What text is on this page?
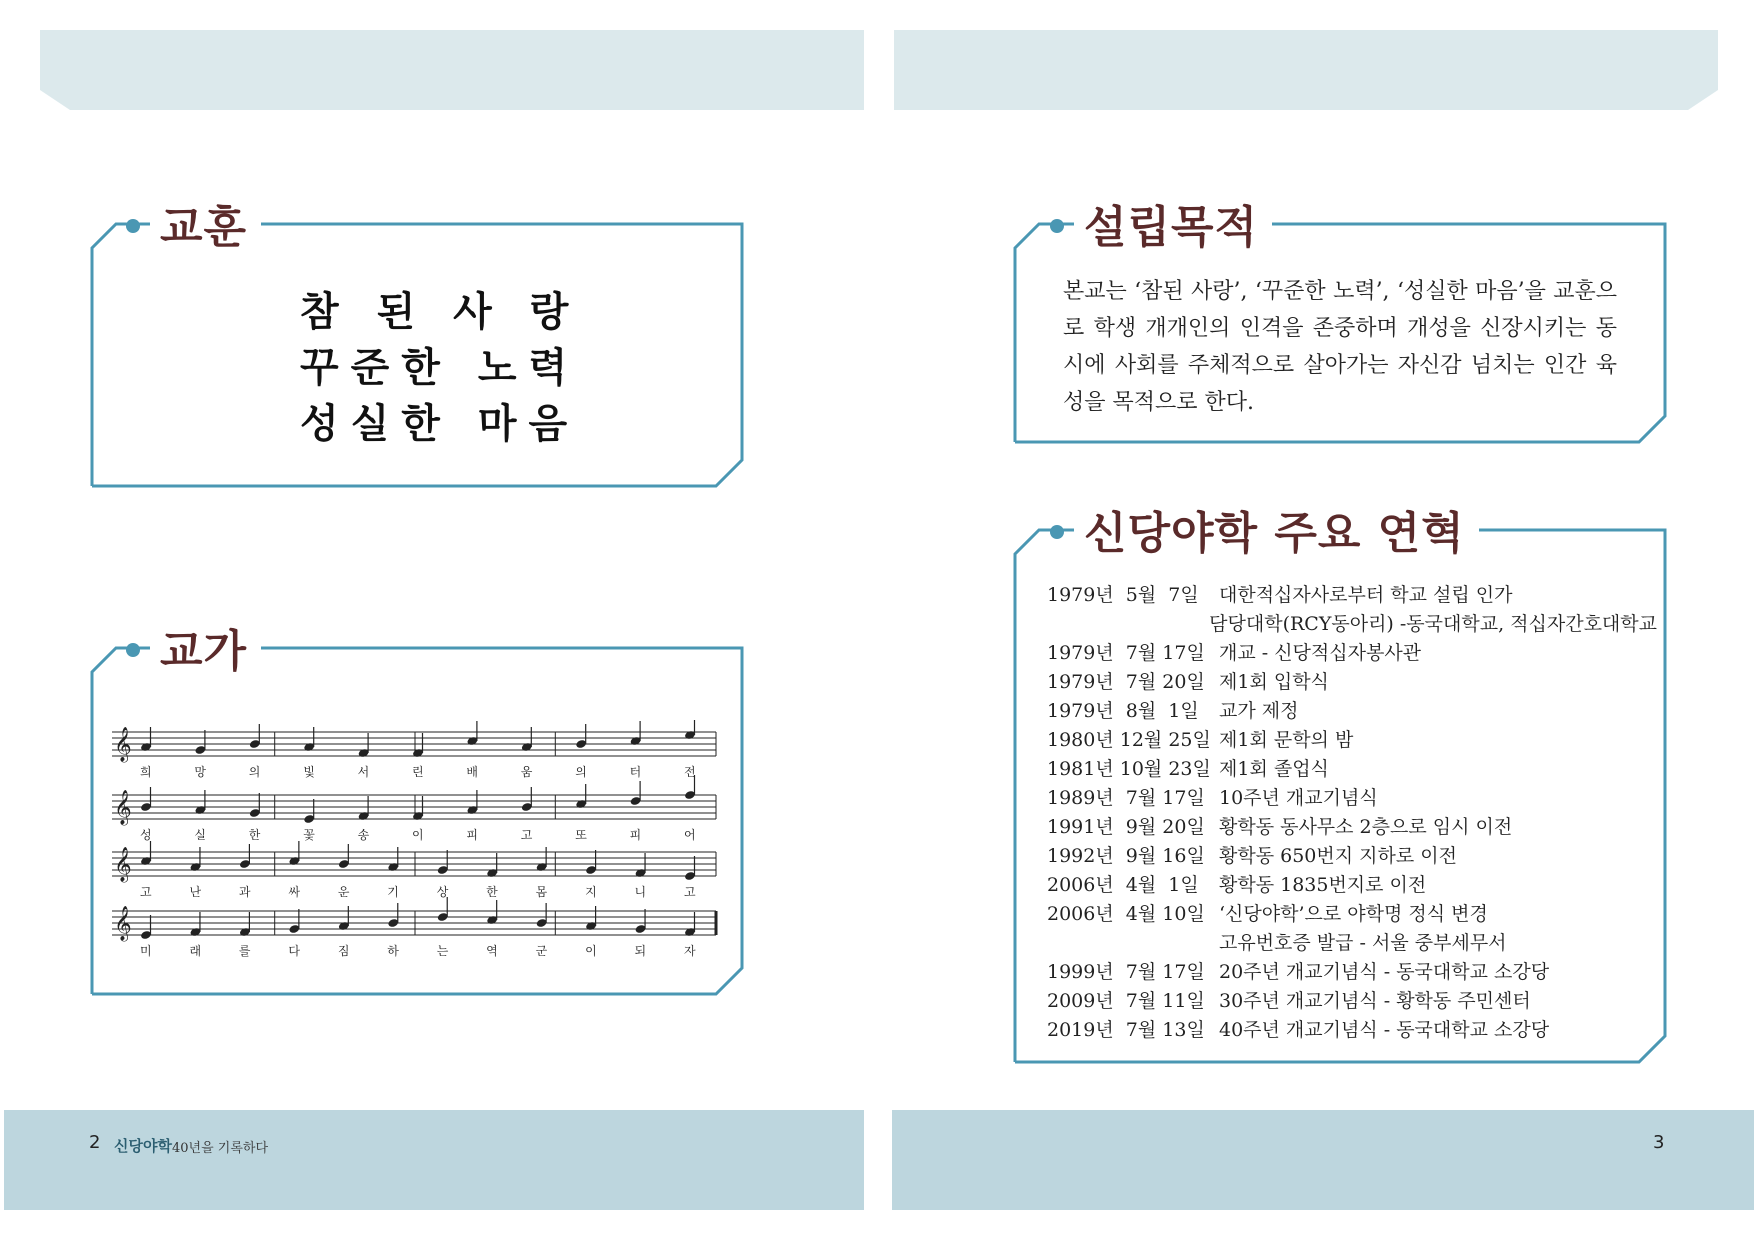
교훈
참 된 사 랑
꾸준한 노력
성실한 마음
교가
𝄞
희	망	의	빛	서	린	배	움	의	터	전
𝄞
성	실	한	꽃	송	이	피	고	또	피	어
𝄞
고	난	과	싸	운	기	상	한	몸	지	니	고
𝄞
미	래	를	다	짐	하	는	역	군	이	되	자
설립목적
본교는 ‘참된 사랑’, ‘꾸준한 노력’, ‘성실한 마음’을 교훈으로 학생 개개인의 인격을 존중하며 개성을 신장시키는 동시에 사회를 주체적으로 살아가는 자신감 넘치는 인간 육성을 목적으로 한다.
신당야학 주요 연혁
1979년  5월  7일	대한적십자사로부터 학교 설립 인가
담당대학(RCY동아리) -동국대학교, 적십자간호대학교
1979년  7월 17일 개교 - 신당적십자봉사관
1979년  7월 20일 제1회 입학식
1979년  8월  1일	교가 제정
1980년 12월 25일 제1회 문학의 밤
1981년 10월 23일 제1회 졸업식
1989년  7월 17일 10주년 개교기념식
1991년  9월 20일 황학동 동사무소 2층으로 임시 이전
1992년  9월 16일 황학동 650번지 지하로 이전
2006년  4월  1일	황학동 1835번지로 이전
2006년  4월 10일 ‘신당야학’으로 야학명 정식 변경
고유번호증 발급 - 서울 중부세무서
1999년  7월 17일 20주년 개교기념식 - 동국대학교 소강당
2009년  7월 11일 30주년 개교기념식 - 황학동 주민센터
2019년  7월 13일 40주년 개교기념식 - 동국대학교 소강당
2 신당야학 40년을 기록하다	3
